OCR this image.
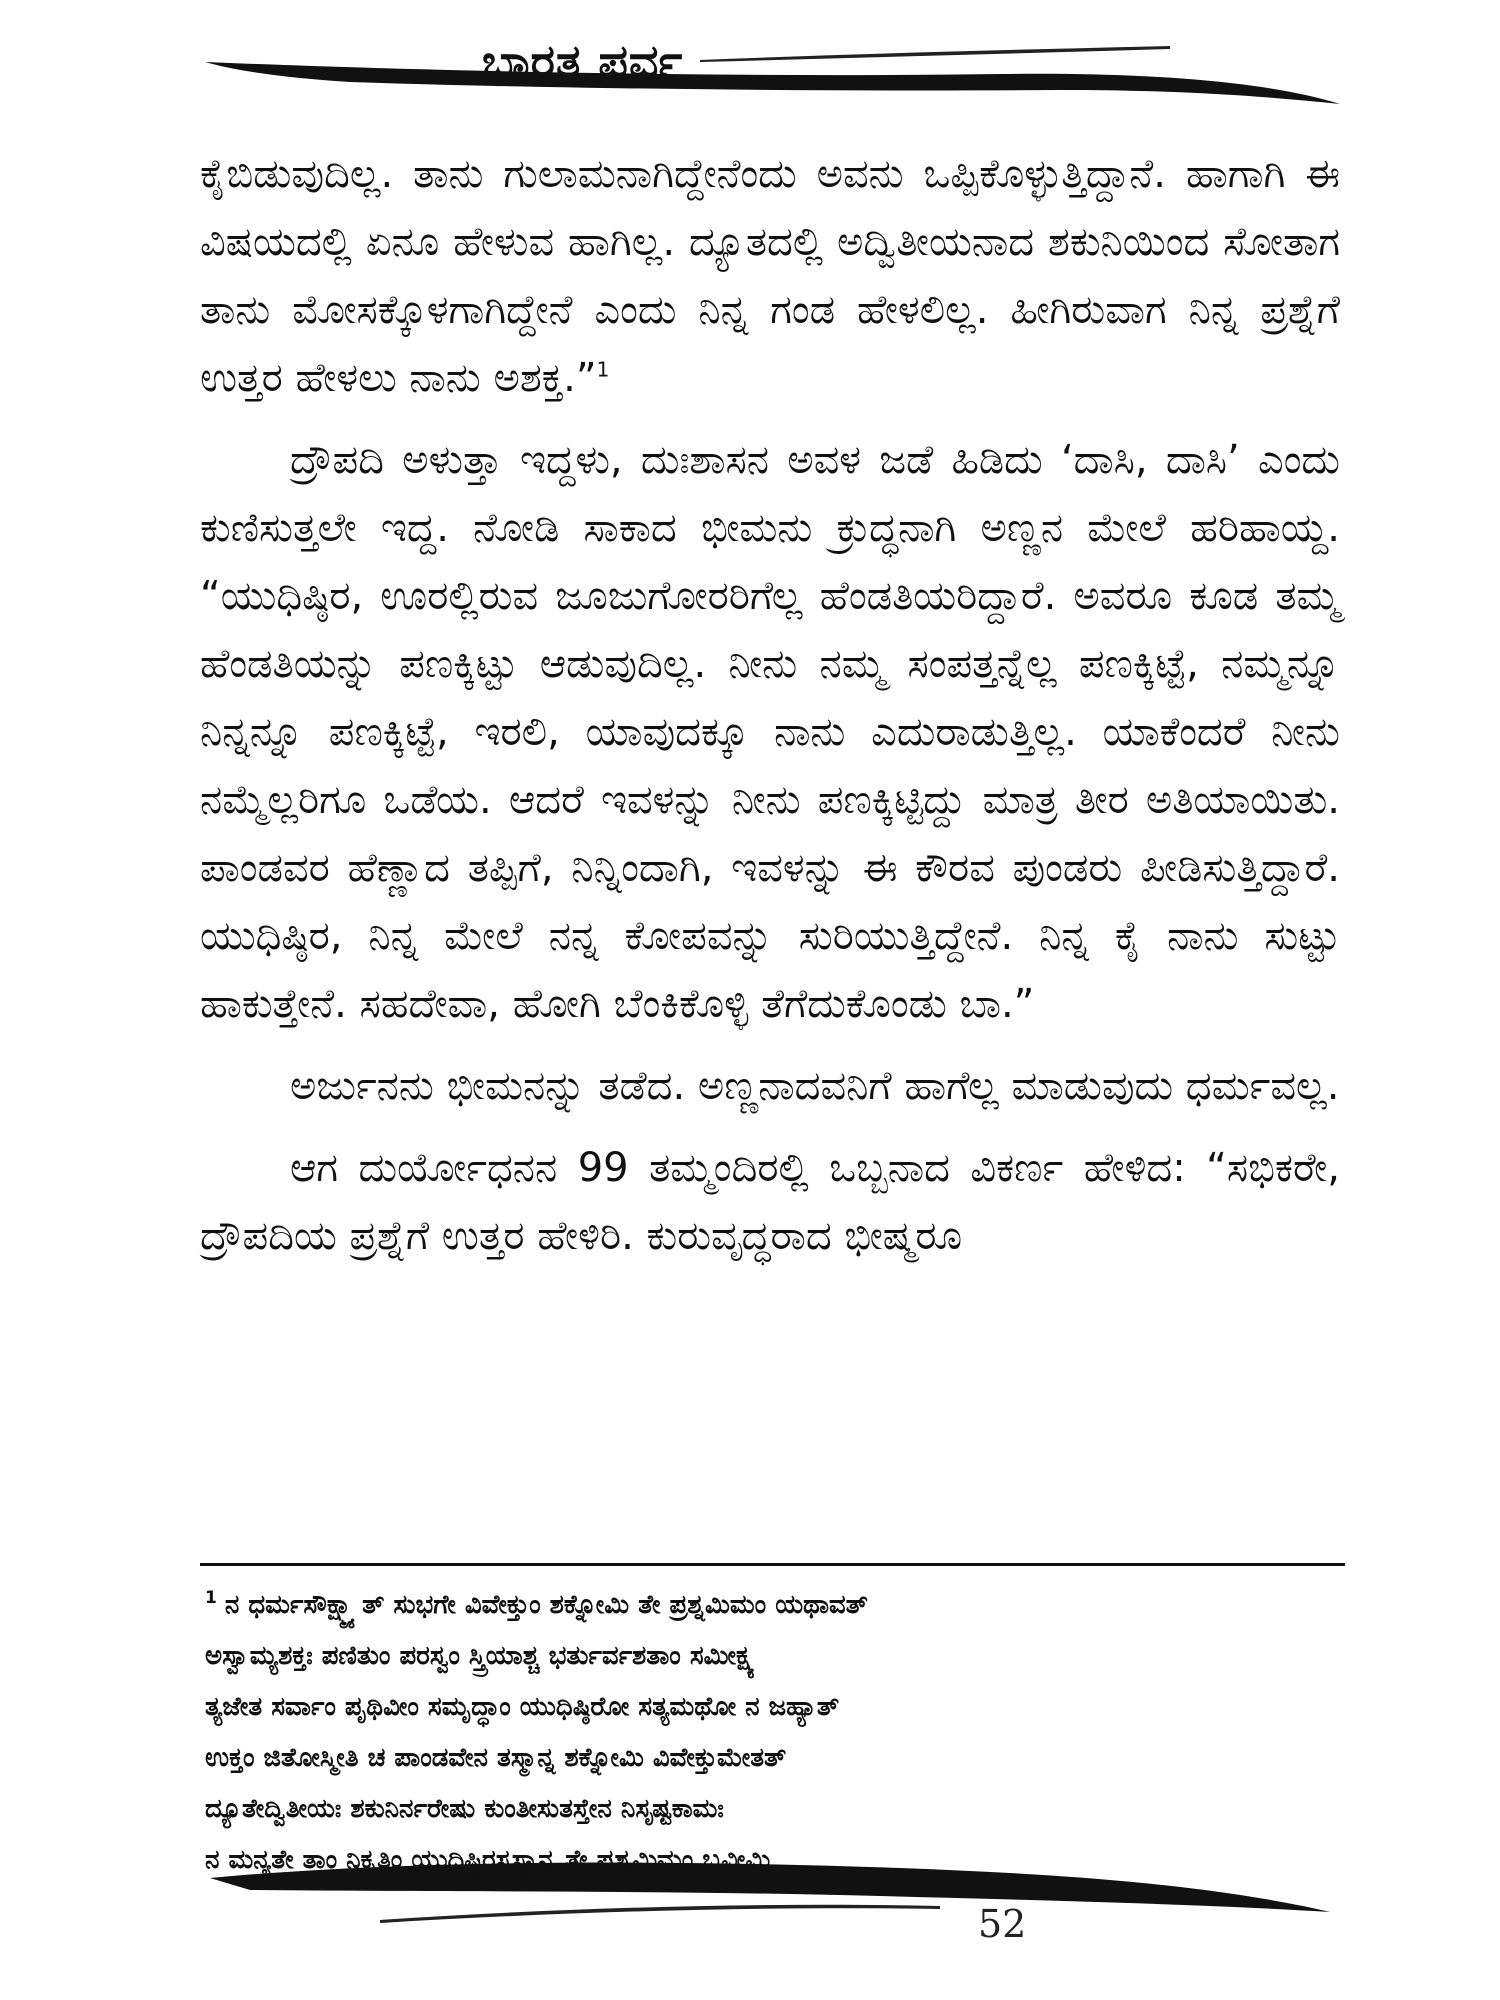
ಭಾರತ ಪರ್ವ

ಕೈಬಿಡುವುದಿಲ್ಲ. ತಾನು ಗುಲಾಮನಾಗಿದ್ದೇನೆಂದು ಅವನು ಒಪ್ಪಿಕೊಳ್ಳುತ್ತಿದ್ದಾನೆ. ಹಾಗಾಗಿ ಈ ವಿಷಯದಲ್ಲಿ ಏನೂ ಹೇಳುವ ಹಾಗಿಲ್ಲ. ದ್ಯೂತದಲ್ಲಿ ಅದ್ವಿತೀಯನಾದ ಶಕುನಿಯಿಂದ ಸೋತಾಗ ತಾನು ಮೋಸಕ್ಕೊಳಗಾಗಿದ್ದೇನೆ ಎಂದು ನಿನ್ನ ಗಂಡ ಹೇಳಲಿಲ್ಲ. ಹೀಗಿರುವಾಗ ನಿನ್ನ ಪ್ರಶ್ನೆಗೆ ಉತ್ತರ ಹೇಳಲು ನಾನು ಅಶಕ್ತ.”$^1$

ದ್ರೌಪದಿ ಅಳುತ್ತಾ ಇದ್ದಳು, ದುಃಶಾಸನ ಅವಳ ಜಡೆ ಹಿಡಿದು ‘ದಾಸಿ, ದಾಸಿ’ ಎಂದು ಕುಣಿಸುತ್ತಲೇ ಇದ್ದ. ನೋಡಿ ಸಾಕಾದ ಭೀಮನು ಕ್ರುದ್ಧನಾಗಿ ಅಣ್ಣನ ಮೇಲೆ ಹರಿಹಾಯ್ದ. “ಯುಧಿಷ್ಠಿರ, ಊರಲ್ಲಿರುವ ಜೂಜುಗೋರರಿಗೆಲ್ಲ ಹೆಂಡತಿಯರಿದ್ದಾರೆ. ಅವರೂ ಕೂಡ ತಮ್ಮ ಹೆಂಡತಿಯನ್ನು ಪಣಕ್ಕಿಟ್ಟು ಆಡುವುದಿಲ್ಲ. ನೀನು ನಮ್ಮ ಸಂಪತ್ತನ್ನೆಲ್ಲ ಪಣಕ್ಕಿಟ್ಟೆ, ನಮ್ಮನ್ನೂ ನಿನ್ನನ್ನೂ ಪಣಕ್ಕಿಟ್ಟೆ, ಇರಲಿ, ಯಾವುದಕ್ಕೂ ನಾನು ಎದುರಾಡುತ್ತಿಲ್ಲ. ಯಾಕೆಂದರೆ ನೀನು ನಮ್ಮೆಲ್ಲರಿಗೂ ಒಡೆಯ. ಆದರೆ ಇವಳನ್ನು ನೀನು ಪಣಕ್ಕಿಟ್ಟಿದ್ದು ಮಾತ್ರ ತೀರ ಅತಿಯಾಯಿತು. ಪಾಂಡವರ ಹೆಣ್ಣಾದ ತಪ್ಪಿಗೆ, ನಿನ್ನಿಂದಾಗಿ, ಇವಳನ್ನು ಈ ಕೌರವ ಪುಂಡರು ಪೀಡಿಸುತ್ತಿದ್ದಾರೆ. ಯುಧಿಷ್ಠಿರ, ನಿನ್ನ ಮೇಲೆ ನನ್ನ ಕೋಪವನ್ನು ಸುರಿಯುತ್ತಿದ್ದೇನೆ. ನಿನ್ನ ಕೈ ನಾನು ಸುಟ್ಟು ಹಾಕುತ್ತೇನೆ. ಸಹದೇವಾ, ಹೋಗಿ ಬೆಂಕಿಕೊಳ್ಳಿ ತೆಗೆದುಕೊಂಡು ಬಾ.”

ಅರ್ಜುನನು ಭೀಮನನ್ನು ತಡೆದ. ಅಣ್ಣನಾದವನಿಗೆ ಹಾಗೆಲ್ಲ ಮಾಡುವುದು ಧರ್ಮವಲ್ಲ.

ಆಗ ದುರ್ಯೋಧನನ 99 ತಮ್ಮಂದಿರಲ್ಲಿ ಒಬ್ಬನಾದ ವಿಕರ್ಣ ಹೇಳಿದ: “ಸಭಿಕರೇ, ದ್ರೌಪದಿಯ ಪ್ರಶ್ನೆಗೆ ಉತ್ತರ ಹೇಳಿರಿ. ಕುರುವೃದ್ಧರಾದ ಭೀಷ್ಮರೂ

$^1$ ನ ಧರ್ಮಸೌಕ್ಷ್ಮ್ಯಾತ್ ಸುಭಗೇ ವಿವೇಕ್ತುಂ ಶಕ್ನೋಮಿ ತೇ ಪ್ರಶ್ನಮಿಮಂ ಯಥಾವತ್
ಅಸ್ವಾಮ್ಯಶಕ್ತಃ ಪಣಿತುಂ ಪರಸ್ವಂ ಸ್ತ್ರಿಯಾಶ್ಚ ಭರ್ತುರ್ವಶತಾಂ ಸಮೀಕ್ಷ್ಯ
ತ್ಯಜೇತ ಸರ್ವಾಂ ಪೃಥಿವೀಂ ಸಮೃದ್ಧಾಂ ಯುಧಿಷ್ಠಿರೋ ಸತ್ಯಮಥೋ ನ ಜಹ್ಯಾತ್
ಉಕ್ತಂ ಜಿತೋಸ್ಮೀತಿ ಚ ಪಾಂಡವೇನ ತಸ್ಮಾನ್ನ ಶಕ್ನೋಮಿ ವಿವೇಕ್ತುಮೇತತ್
ದ್ಯೂತೇದ್ವಿತೀಯಃ ಶಕುನಿರ್ನರೇಷು ಕುಂತೀಸುತಸ್ತೇನ ನಿಸೃಷ್ಟಕಾಮಃ
ನ ಮನ್ಯತೇ ತಾಂ ನಿಕೃತಿಂ ಯುಧಿಷ್ಠಿರಸ್ತಸ್ಮಾನ್ನ ತೇ ಪ್ರಶ್ನಮಿಮಂ ಬ್ರವೀಮಿ
52
